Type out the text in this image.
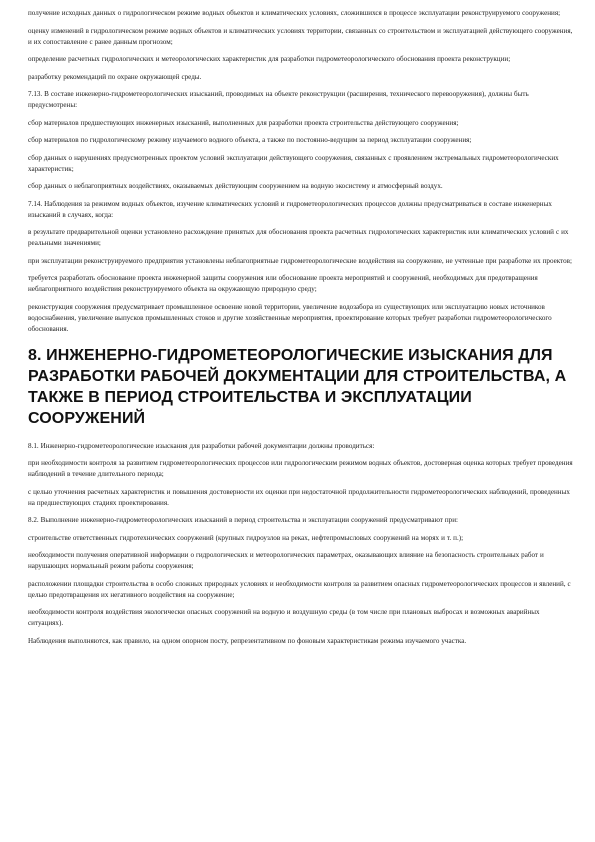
получение исходных данных о гидрологическом режиме водных объектов и климатических условиях, сложившихся в процессе эксплуатации реконструируемого сооружения;

оценку изменений в гидрологическом режиме водных объектов и климатических условиях территории, связанных со строительством и эксплуатацией действующего сооружения, и их сопоставление с ранее данным прогнозом;

определение расчетных гидрологических и метеорологических характеристик для разработки гидрометеорологического обоснования проекта реконструкции;

разработку рекомендаций по охране окружающей среды.

7.13. В составе инженерно-гидрометеорологических изысканий, проводимых на объекте реконструкции (расширения, технического перевооружения), должны быть предусмотрены:

сбор материалов предшествующих инженерных изысканий, выполненных для разработки проекта строительства действующего сооружения;

сбор материалов по гидрологическому режиму изучаемого водного объекта, а также по постоянно-ведущим за период эксплуатации сооружения;

сбор данных о нарушениях предусмотренных проектом условий эксплуатации действующего сооружения, связанных с проявлением экстремальных гидрометеорологических характеристик;

сбор данных о неблагоприятных воздействиях, оказываемых действующим сооружением на водную экосистему и атмосферный воздух.

7.14. Наблюдения за режимом водных объектов, изучение климатических условий и гидрометеорологических процессов должны предусматриваться в составе инженерных изысканий в случаях, когда:

в результате предварительной оценки установлено расхождение принятых для обоснования проекта расчетных гидрологических характеристик или климатических условий с их реальными значениями;

при эксплуатации реконструируемого предприятия установлены неблагоприятные гидрометеорологические воздействия на сооружение, не учтенные при разработке их проектов;

требуется разработать обоснование проекта инженерной защиты сооружения или обоснование проекта мероприятий и сооружений, необходимых для предотвращения неблагоприятного воздействия реконструируемого объекта на окружающую природную среду;

реконструкция сооружения предусматривает промышленное освоение новой территории, увеличение водозабора из существующих или эксплуатацию новых источников водоснабжения, увеличение выпусков промышленных стоков и другие хозяйственные мероприятия, проектирование которых требует разработки гидрометеорологического обоснования.

8. ИНЖЕНЕРНО-ГИДРОМЕТЕОРОЛОГИЧЕСКИЕ ИЗЫСКАНИЯ ДЛЯ РАЗРАБОТКИ РАБОЧЕЙ ДОКУМЕНТАЦИИ ДЛЯ СТРОИТЕЛЬСТВА, А ТАКЖЕ В ПЕРИОД СТРОИТЕЛЬСТВА И ЭКСПЛУАТАЦИИ СООРУЖЕНИЙ

8.1. Инженерно-гидрометеорологические изыскания для разработки рабочей документации должны проводиться:

при необходимости контроля за развитием гидрометеорологических процессов или гидрологическим режимом водных объектов, достоверная оценка которых требует проведения наблюдений в течение длительного периода;

с целью уточнения расчетных характеристик и повышения достоверности их оценки при недостаточной продолжительности гидрометеорологических наблюдений, проведенных на предшествующих стадиях проектирования.

8.2. Выполнение инженерно-гидрометеорологических изысканий в период строительства и эксплуатации сооружений предусматривают при:

строительстве ответственных гидротехнических сооружений (крупных гидроузлов на реках, нефтепромысловых сооружений на морях и т. п.);

необходимости получения оперативной информации о гидрологических и метеорологических параметрах, оказывающих влияние на безопасность строительных работ и нарушающих нормальный режим работы сооружения;

расположении площадки строительства в особо сложных природных условиях и необходимости контроля за развитием опасных гидрометеорологических процессов и явлений, с целью предотвращения их негативного воздействия на сооружение;

необходимости контроля воздействия экологически опасных сооружений на водную и воздушную среды (в том числе при плановых выбросах и возможных аварийных ситуациях).

Наблюдения выполняются, как правило, на одном опорном посту, репрезентативном по фоновым характеристикам режима изучаемого участка.
